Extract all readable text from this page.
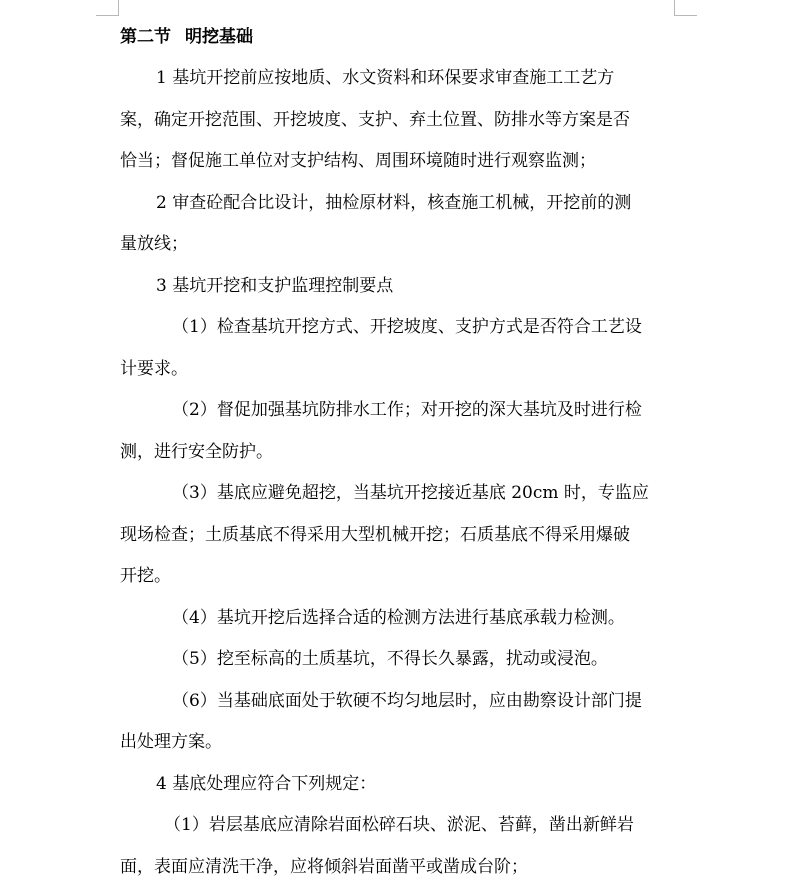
第二节 明挖基础

1 基坑开挖前应按地质、水文资料和环保要求审查施工工艺方

案，确定开挖范围、开挖坡度、支护、弃土位置、防排水等方案是否

恰当；督促施工单位对支护结构、周围环境随时进行观察监测；

2 审查砼配合比设计，抽检原材料，核查施工机械，开挖前的测

量放线；

3 基坑开挖和支护监理控制要点

（1）检查基坑开挖方式、开挖坡度、支护方式是否符合工艺设

计要求。

（2）督促加强基坑防排水工作；对开挖的深大基坑及时进行检

测，进行安全防护。

（3）基底应避免超挖，当基坑开挖接近基底 20cm 时，专监应

现场检查；土质基底不得采用大型机械开挖；石质基底不得采用爆破

开挖。

（4）基坑开挖后选择合适的检测方法进行基底承载力检测。

（5）挖至标高的土质基坑，不得长久暴露，扰动或浸泡。

（6）当基础底面处于软硬不均匀地层时，应由勘察设计部门提

出处理方案。

4 基底处理应符合下列规定：

（1）岩层基底应清除岩面松碎石块、淤泥、苔藓，凿出新鲜岩

面，表面应清洗干净，应将倾斜岩面凿平或凿成台阶；
